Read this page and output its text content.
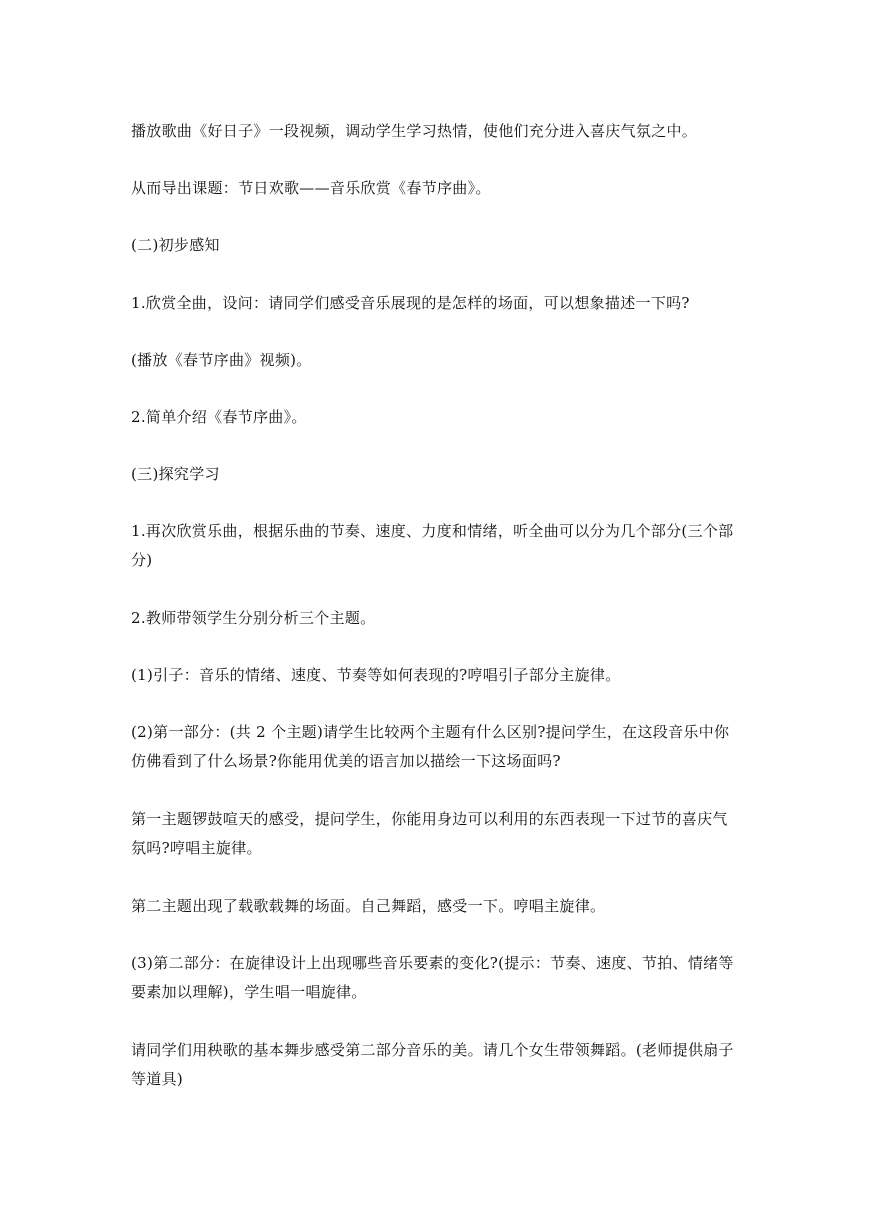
播放歌曲《好日子》一段视频，调动学生学习热情，使他们充分进入喜庆气氛之中。

从而导出课题：节日欢歌——音乐欣赏《春节序曲》。

(二)初步感知

1.欣赏全曲，设问：请同学们感受音乐展现的是怎样的场面，可以想象描述一下吗?

(播放《春节序曲》视频)。

2.简单介绍《春节序曲》。

(三)探究学习

1.再次欣赏乐曲，根据乐曲的节奏、速度、力度和情绪，听全曲可以分为几个部分(三个部分)

2.教师带领学生分别分析三个主题。

(1)引子：音乐的情绪、速度、节奏等如何表现的?哼唱引子部分主旋律。

(2)第一部分：(共 2 个主题)请学生比较两个主题有什么区别?提问学生，在这段音乐中你仿佛看到了什么场景?你能用优美的语言加以描绘一下这场面吗?

第一主题锣鼓喧天的感受，提问学生，你能用身边可以利用的东西表现一下过节的喜庆气氛吗?哼唱主旋律。

第二主题出现了载歌载舞的场面。自己舞蹈，感受一下。哼唱主旋律。

(3)第二部分：在旋律设计上出现哪些音乐要素的变化?(提示：节奏、速度、节拍、情绪等要素加以理解)，学生唱一唱旋律。

请同学们用秧歌的基本舞步感受第二部分音乐的美。请几个女生带领舞蹈。(老师提供扇子等道具)
